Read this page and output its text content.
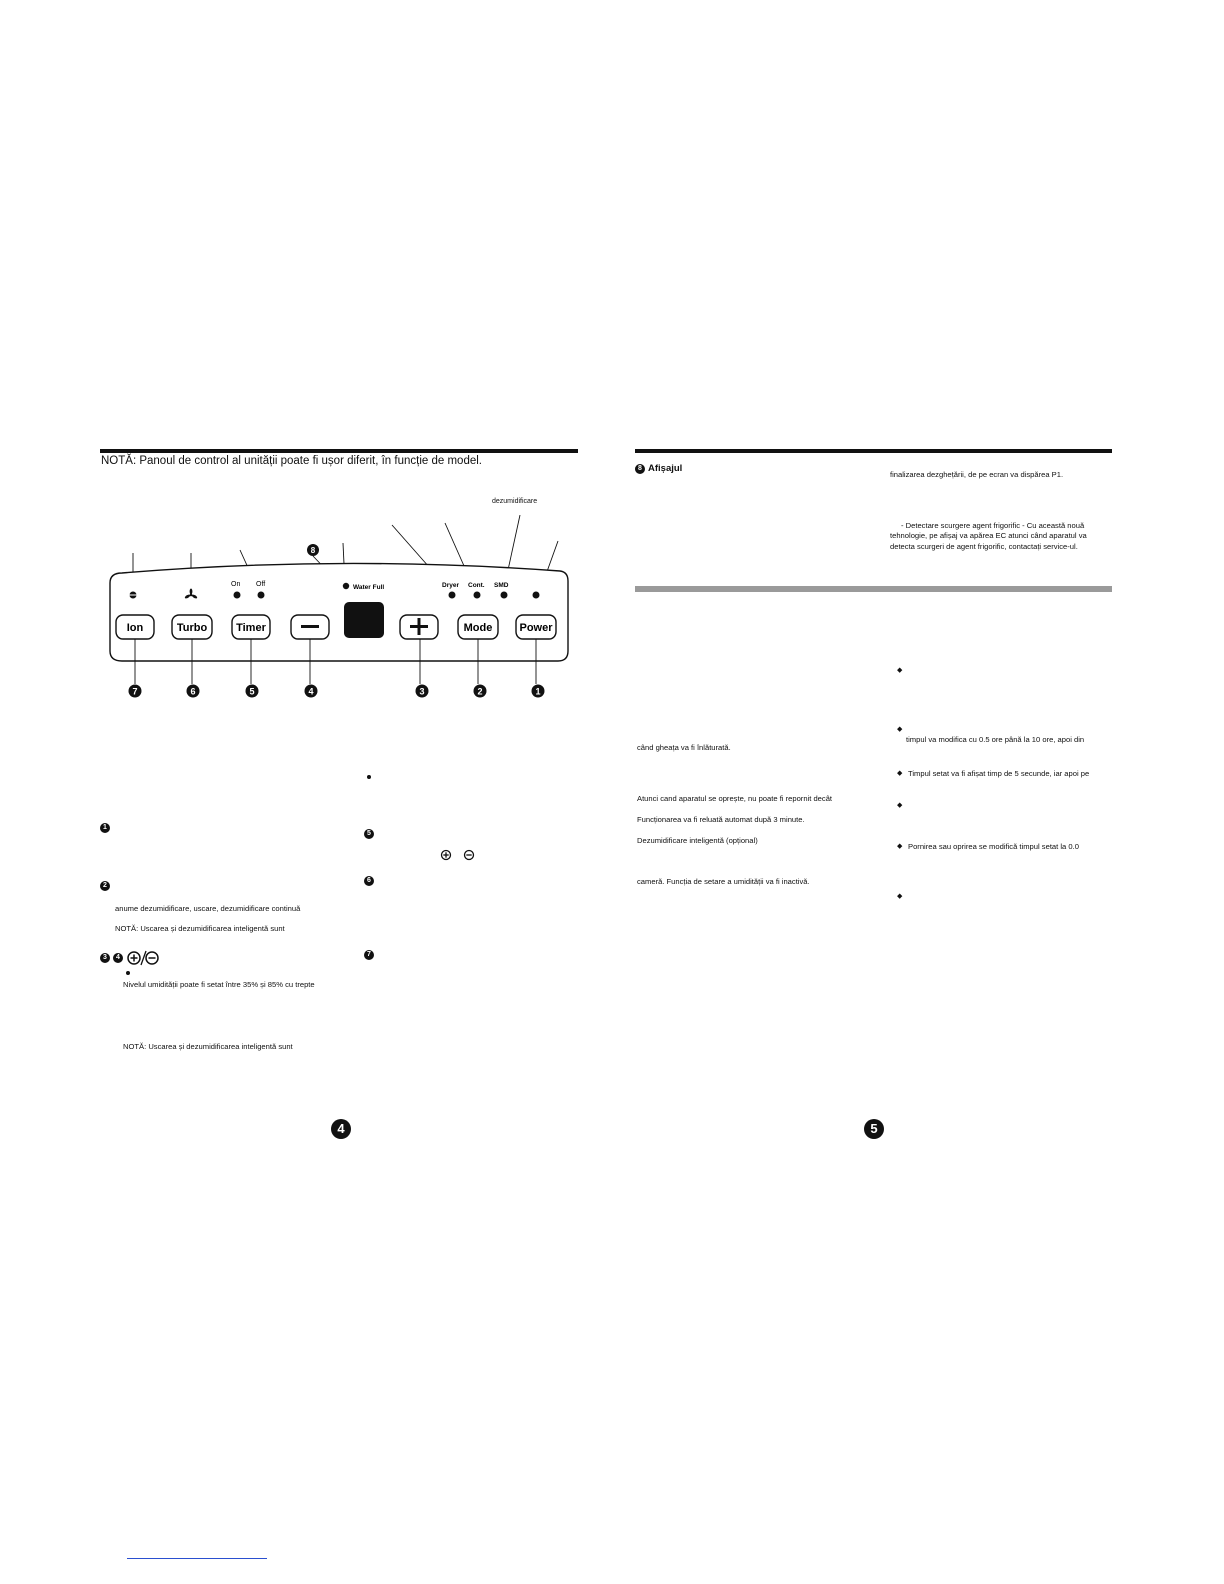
NOTĂ: Panoul de control al unității poate fi ușor diferit, în funcție de model.
dezumidificare
On Off	Water Full	Dryer Cont. SMD
Ion	Turbo	Timer	Mode Power
8
7	6	5	4	3	2	1
1
2
anume dezumidificare, uscare, dezumidificare continuă
NOTĂ: Uscarea și dezumidificarea inteligentă sunt
3	4
Nivelul umidității poate fi setat între 35% și 85% cu trepte
NOTĂ: Uscarea și dezumidificarea inteligentă sunt
5
6
7
4
8 Afișajul
finalizarea dezghețării, de pe ecran va dispărea P1.
- Detectare scurgere agent frigorific - Cu această nouă
tehnologie, pe afișaj va apărea EC atunci când aparatul va
detecta scurgeri de agent frigorific, contactați service-ul.
când gheața va fi înlăturată.
Atunci cand aparatul se oprește, nu poate fi repornit decât
Funcționarea va fi reluată automat după 3 minute.
Dezumidificare inteligentă (opțional)
cameră. Funcția de setare a umidității va fi inactivă.
◆
◆
timpul va modifica cu 0.5 ore până la 10 ore, apoi din
◆ Timpul setat va fi afișat timp de 5 secunde, iar apoi pe
◆
◆ Pornirea sau oprirea se modifică timpul setat la 0.0
◆
5
